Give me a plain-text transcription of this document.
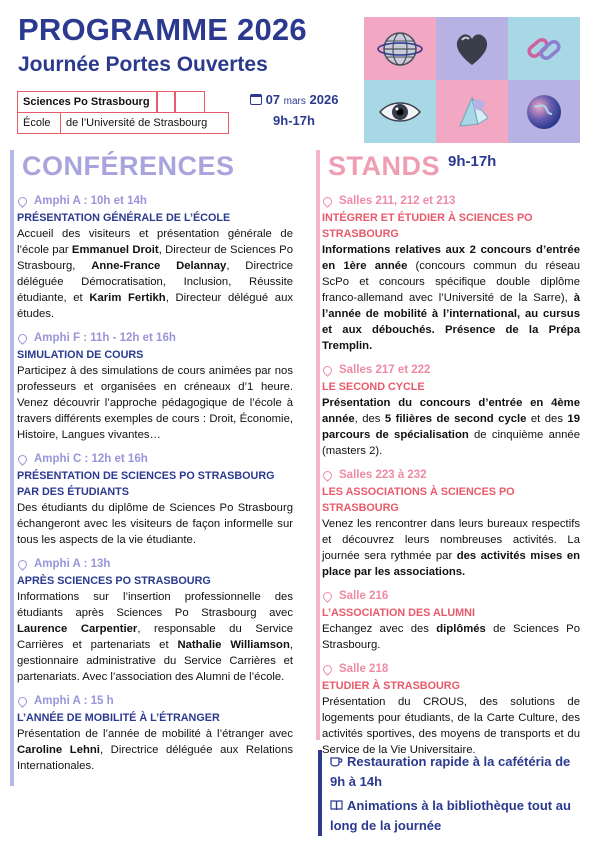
PROGRAMME 2026
Journée Portes Ouvertes
Sciences Po Strasbourg
École	de l’Université de Strasbourg
07 mars 2026
9h-17h
CONFÉRENCES	STANDS 9h-17h
Amphi A : 10h et 14h
PRÉSENTATION GÉNÉRALE DE L’ÉCOLE
Accueil des visiteurs et présentation générale de l’école par Emmanuel Droit, Directeur de Sciences Po Strasbourg, Anne-France Delannay, Directrice déléguée Démocratisation, Inclusion, Réussite étudiante, et Karim Fertikh, Directeur délégué aux études.
Amphi F : 11h - 12h et 16h
SIMULATION DE COURS
Participez à des simulations de cours animées par nos professeurs et organisées en créneaux d’1 heure. Venez découvrir l’approche pédagogique de l’école à travers différents exemples de cours : Droit, Économie, Histoire, Langues vivantes…
Amphi C : 12h et 16h
PRÉSENTATION DE SCIENCES PO STRASBOURG PAR DES ÉTUDIANTS
Des étudiants du diplôme de Sciences Po Strasbourg échangeront avec les visiteurs de façon informelle sur tous les aspects de la vie étudiante.
Amphi A : 13h
APRÈS SCIENCES PO STRASBOURG
Informations sur l’insertion professionnelle des étudiants après Sciences Po Strasbourg avec Laurence Carpentier, responsable du Service Carrières et partenariats et Nathalie Williamson, gestionnaire administrative du Service Carrières et partenariats. Avec l’association des Alumni de l’école.
Amphi A : 15 h
L’ANNÉE DE MOBILITÉ À L’ÉTRANGER
Présentation de l’année de mobilité à l’étranger avec Caroline Lehni, Directrice déléguée aux Relations Internationales.
Salles 211, 212 et 213
INTÉGRER ET ÉTUDIER À SCIENCES PO STRASBOURG
Informations relatives aux 2 concours d’entrée en 1ère année (concours commun du réseau ScPo et concours spécifique double diplôme franco-allemand avec l’Université de la Sarre), à l’année de mobilité à l’international, au cursus et aux débouchés. Présence de la Prépa Tremplin.
Salles 217 et 222
LE SECOND CYCLE
Présentation du concours d’entrée en 4ème année, des 5 filières de second cycle et des 19 parcours de spécialisation de cinquième année (masters 2).
Salles 223 à 232
LES ASSOCIATIONS À SCIENCES PO STRASBOURG
Venez les rencontrer dans leurs bureaux respectifs et découvrez leurs nombreuses activités. La journée sera rythmée par des activités mises en place par les associations.
Salle 216
L’ASSOCIATION DES ALUMNI
Echangez avec des diplômés de Sciences Po Strasbourg.
Salle 218
ETUDIER À STRASBOURG
Présentation du CROUS, des solutions de logements pour étudiants, de la Carte Culture, des activités sportives, des moyens de transports et du Service de la Vie Universitaire.
Restauration rapide à la cafétéria de 9h à 14h
Animations à la bibliothèque tout au long de la journée
